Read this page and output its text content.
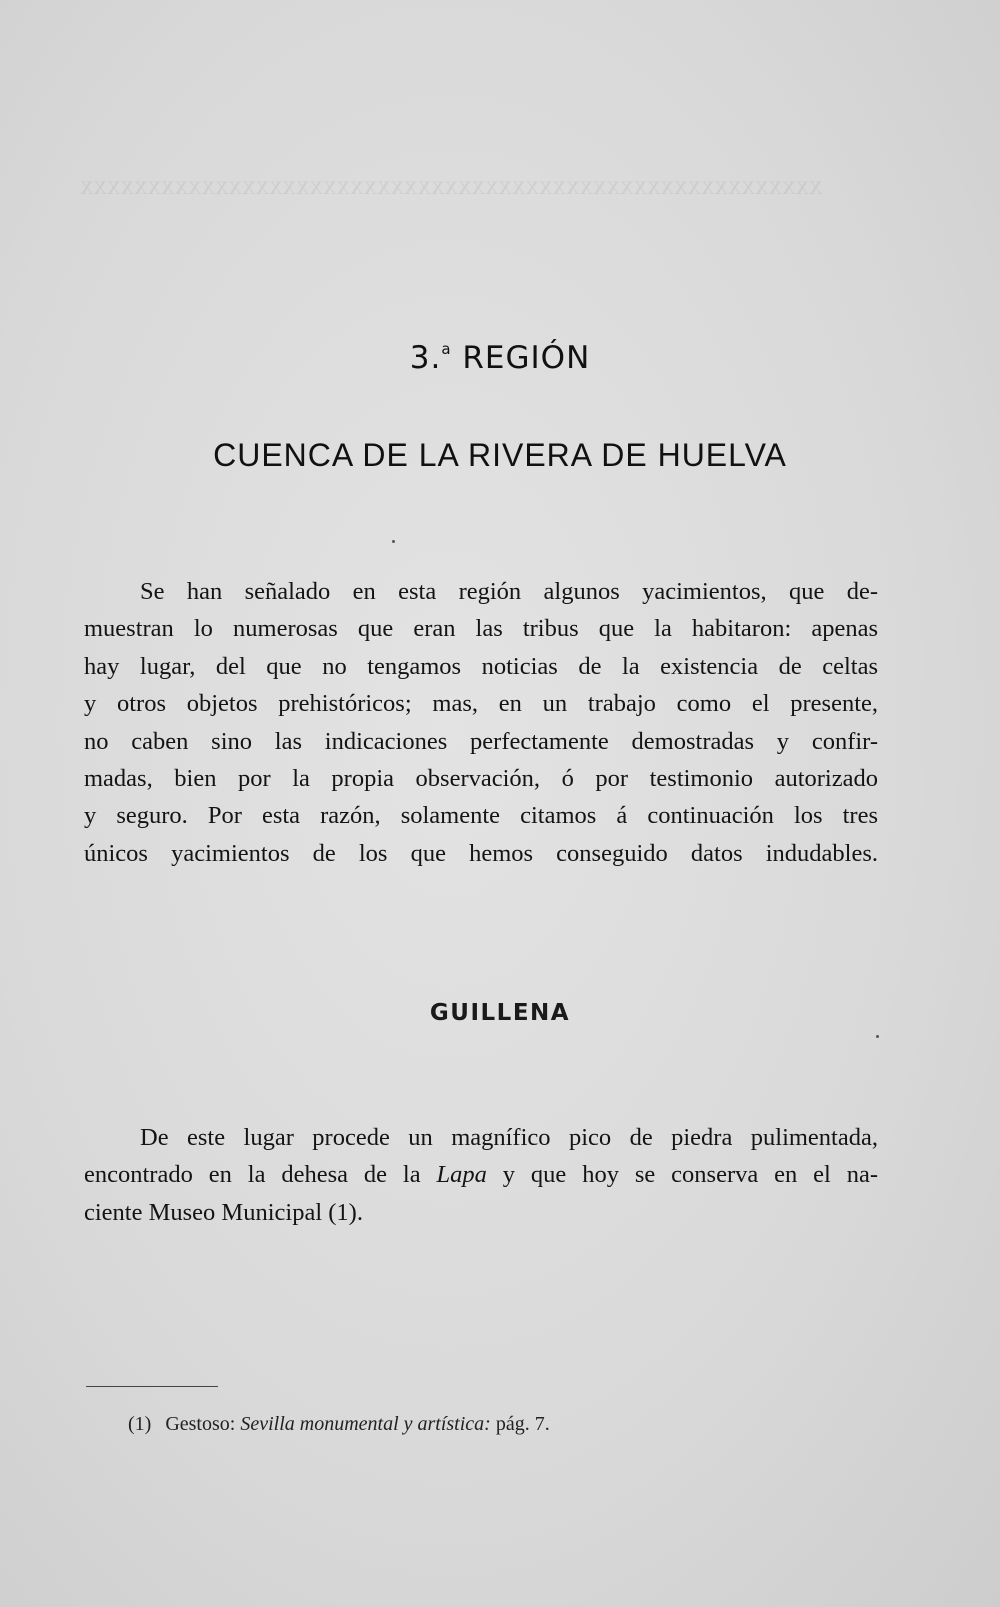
xxxxxxxxxxxxxxxxxxxxxxxxxxxxxxxxxxxxxxxxxxxxxxxxxxxxxxx
3.$^a$ REGIÓN
CUENCA DE LA RIVERA DE HUELVA
Se han señalado en esta región algunos yacimientos, que de-
muestran lo numerosas que eran las tribus que la habitaron: apenas
hay lugar, del que no tengamos noticias de la existencia de celtas
y otros objetos prehistóricos; mas, en un trabajo como el presente,
no caben sino las indicaciones perfectamente demostradas y confir-
madas, bien por la propia observación, ó por testimonio autorizado
y seguro. Por esta razón, solamente citamos á continuación los tres
únicos yacimientos de los que hemos conseguido datos indudables.
GUILLENA
De este lugar procede un magnífico pico de piedra pulimentada,
encontrado en la dehesa de la Lapa y que hoy se conserva en el na-
ciente Museo Municipal (1).
(1) Gestoso: Sevilla monumental y artística: pág. 7.
